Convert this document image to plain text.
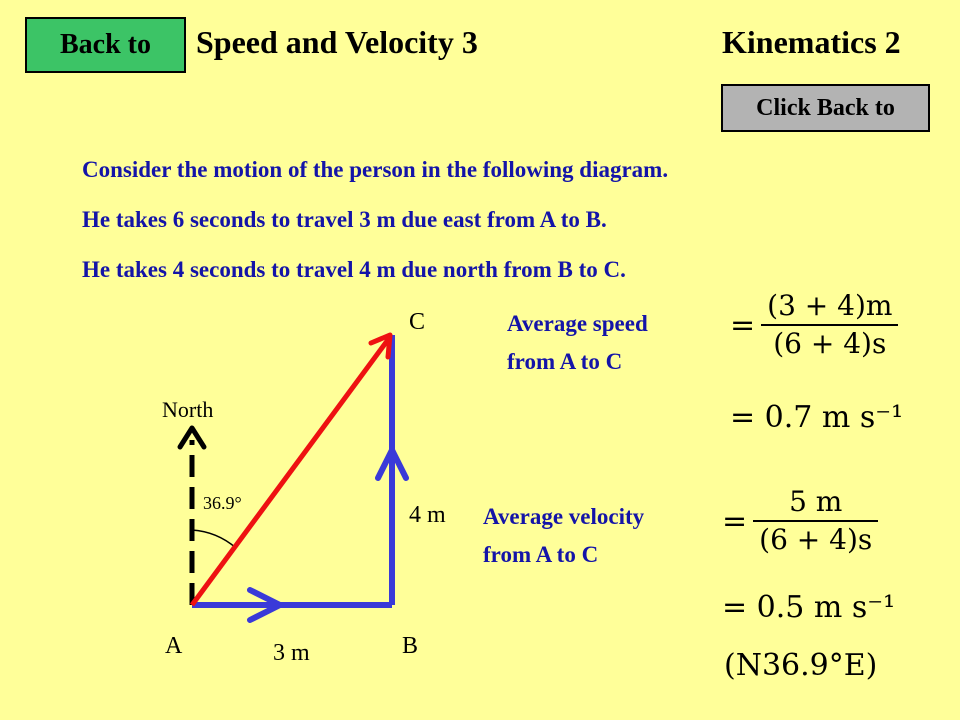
Back to	Speed and Velocity 3	Kinematics 2
Click Back to
Consider the motion of the person in the following diagram.
He takes 6 seconds to travel 3 m due east from A to B.
He takes 4 seconds to travel 4 m due north from B to C.
C
North
36.9°	4 m
A	B
3 m
Average speed
from A to C
= $\frac{(3 + 4)m}{(6 + 4)s}$
= 0.7 m s⁻¹
Average velocity
from A to C
= $\frac{5 m}{(6 + 4)s}$
= 0.5 m s⁻¹
(N36.9°E)
